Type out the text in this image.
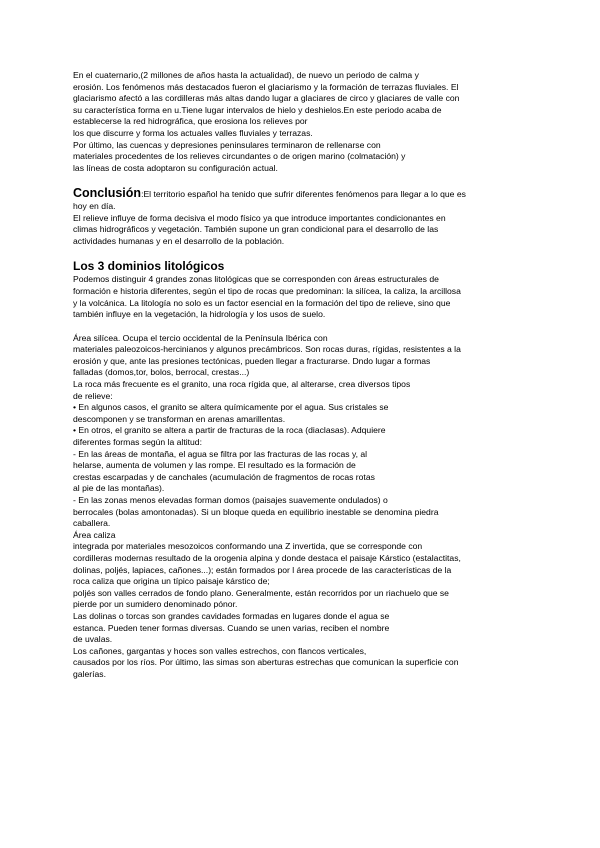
En el cuaternario,(2 millones de años hasta la actualidad), de nuevo un periodo de calma y
erosión. Los fenómenos más destacados fueron el glaciarismo y la formación de terrazas fluviales. El
glaciarismo afectó a las cordilleras más altas dando lugar a glaciares de circo y glaciares de valle con
su característica forma en u.Tiene lugar intervalos de hielo y deshielos.En este periodo acaba de
establecerse la red hidrográfica, que erosiona los relieves por
los que discurre y forma los actuales valles fluviales y terrazas.
Por último, las cuencas y depresiones peninsulares terminaron de rellenarse con
materiales procedentes de los relieves circundantes o de origen marino (colmatación) y
las líneas de costa adoptaron su configuración actual.
Conclusión : El territorio español ha tenido que sufrir diferentes fenómenos para llegar a lo que es
hoy en día.
El relieve influye de forma decisiva el modo físico ya que introduce importantes condicionantes en
climas hidrográficos y vegetación. También supone un gran condicional para el desarrollo de las
actividades humanas y en el desarrollo de la población.
Los 3 dominios litológicos
Podemos distinguir 4 grandes zonas litológicas que se corresponden con áreas estructurales de
formación e historia diferentes, según el tipo de rocas que predominan: la silícea, la caliza, la arcillosa
y la volcánica. La litología no solo es un factor esencial en la formación del tipo de relieve, sino que
también influye en la vegetación, la hidrología y los usos de suelo.
Área silícea. Ocupa el tercio occidental de la Península Ibérica con
materiales paleozoicos-hercinianos y algunos precámbricos. Son rocas duras, rígidas, resistentes a la
erosión y que, ante las presiones tectónicas, pueden llegar a fracturarse. Dndo lugar a formas
falladas (domos,tor, bolos, berrocal, crestas...)
La roca más frecuente es el granito, una roca rígida que, al alterarse, crea diversos tipos
de relieve:
• En algunos casos, el granito se altera químicamente por el agua. Sus cristales se
descomponen y se transforman en arenas amarillentas.
• En otros, el granito se altera a partir de fracturas de la roca (diaclasas). Adquiere
diferentes formas según la altitud:
- En las áreas de montaña, el agua se filtra por las fracturas de las rocas y, al
helarse, aumenta de volumen y las rompe. El resultado es la formación de
crestas escarpadas y de canchales (acumulación de fragmentos de rocas rotas
al pie de las montañas).
- En las zonas menos elevadas forman domos (paisajes suavemente ondulados) o
berrocales (bolas amontonadas). Si un bloque queda en equilibrio inestable se denomina piedra
caballera.
Área caliza
integrada por materiales mesozoicos conformando una Z invertida, que se corresponde con
cordilleras modernas resultado de la orogenia alpina y donde destaca el paisaje Kárstico (estalactitas,
dolinas, poljés, lapiaces, cañones...); están formados por l área procede de las características de la
roca caliza que origina un típico paisaje kárstico de;
poljés son valles cerrados de fondo plano. Generalmente, están recorridos por un riachuelo que se
pierde por un sumidero denominado pónor.
Las dolinas o torcas son grandes cavidades formadas en lugares donde el agua se
estanca. Pueden tener formas diversas. Cuando se unen varias, reciben el nombre
de uvalas.
Los cañones, gargantas y hoces son valles estrechos, con flancos verticales,
causados por los ríos. Por último, las simas son aberturas estrechas que comunican la superficie con
galerías.
